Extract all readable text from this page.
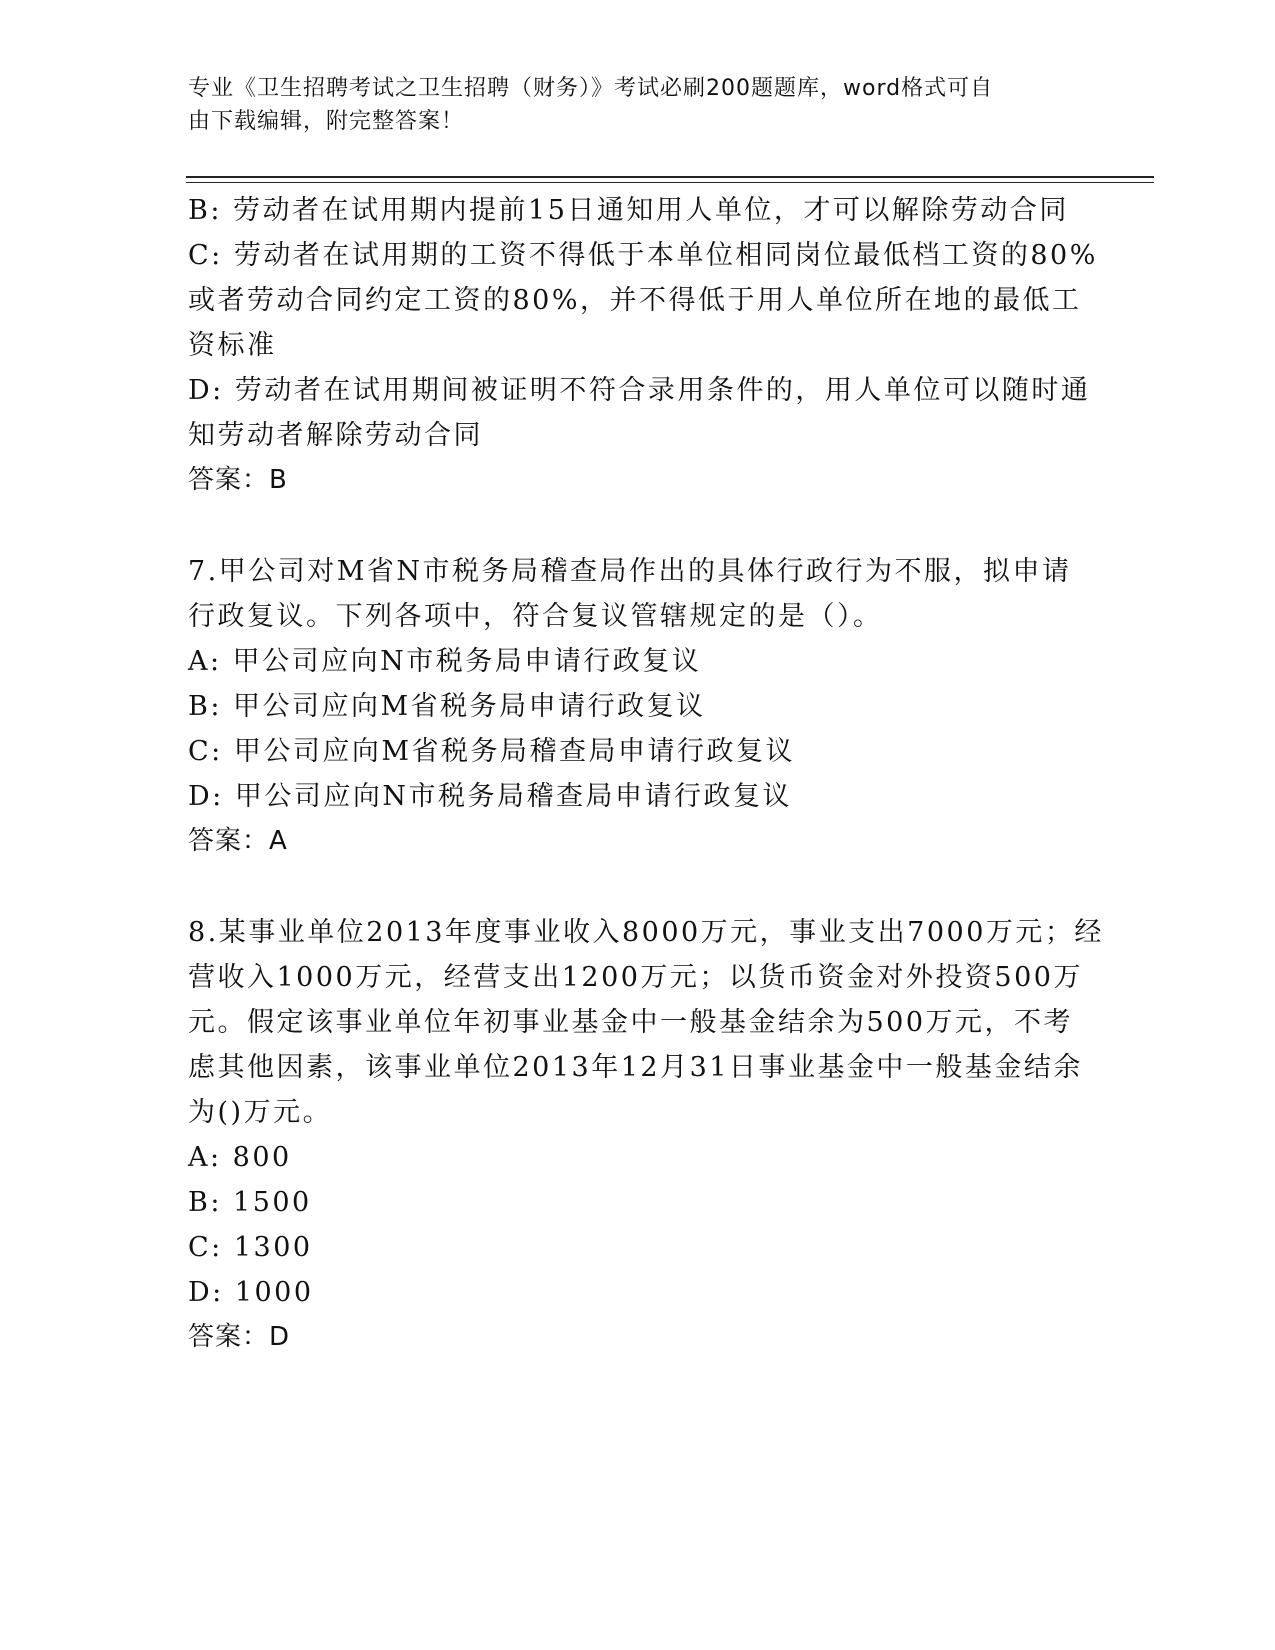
专业《卫生招聘考试之卫生招聘（财务）》考试必刷200题题库，word格式可自
由下载编辑，附完整答案！
B: 劳动者在试用期内提前15日通知用人单位，才可以解除劳动合同
C: 劳动者在试用期的工资不得低于本单位相同岗位最低档工资的80%
或者劳动合同约定工资的80%，并不得低于用人单位所在地的最低工
资标准
D: 劳动者在试用期间被证明不符合录用条件的，用人单位可以随时通
知劳动者解除劳动合同
答案：B
7.甲公司对M省N市税务局稽查局作出的具体行政行为不服，拟申请
行政复议。下列各项中，符合复议管辖规定的是（）。
A: 甲公司应向N市税务局申请行政复议
B: 甲公司应向M省税务局申请行政复议
C: 甲公司应向M省税务局稽查局申请行政复议
D: 甲公司应向N市税务局稽查局申请行政复议
答案：A
8.某事业单位2013年度事业收入8000万元，事业支出7000万元；经
营收入1000万元，经营支出1200万元；以货币资金对外投资500万
元。假定该事业单位年初事业基金中一般基金结余为500万元，不考
虑其他因素，该事业单位2013年12月31日事业基金中一般基金结余
为()万元。
A: 800
B: 1500
C: 1300
D: 1000
答案：D
